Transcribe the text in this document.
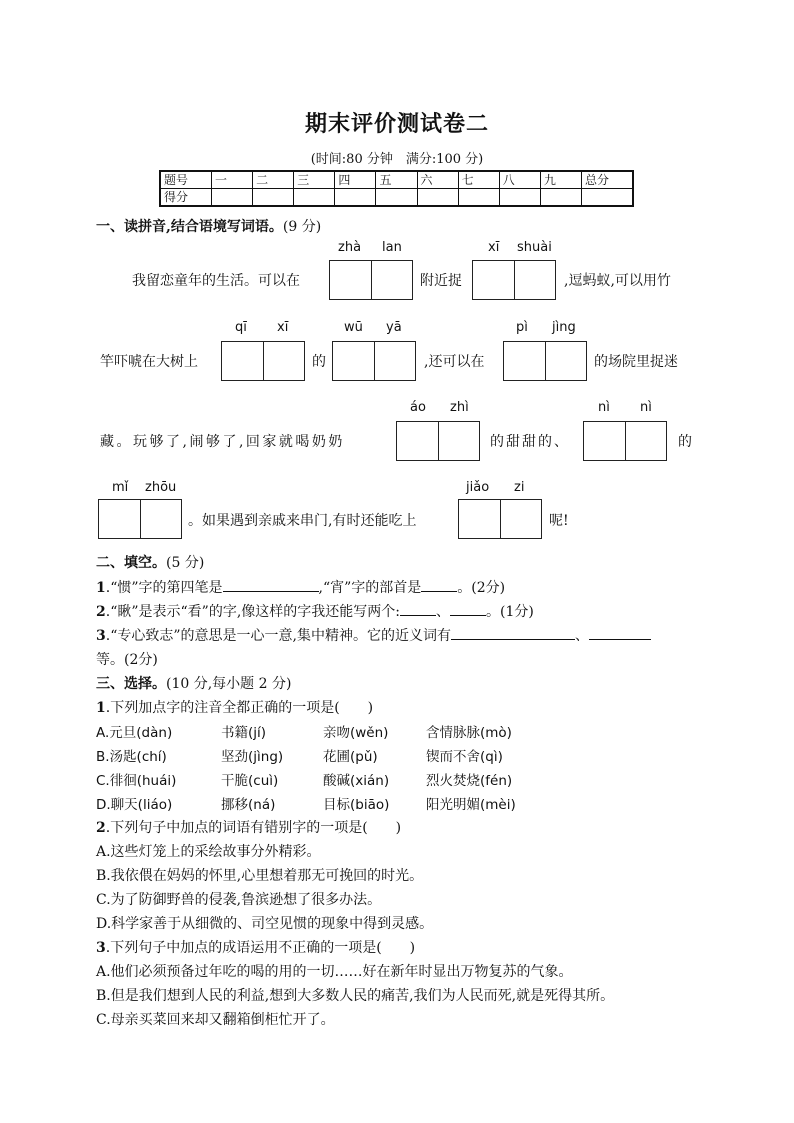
期末评价测试卷二
(时间:80 分钟　满分:100 分)
题号	一	二	三	四	五	六	七	八	九	总分
得分										
一、读拼音,结合语境写词语。(9 分)
zhà lan	xī shuài
我留恋童年的生活。可以在	附近捉	,逗蚂蚁,可以用竹
qī xī	wū yā	pì jìng
竿吓唬在大树上	的	,还可以在	的场院里捉迷
áo zhì	nì nì
藏。玩够了,闹够了,回家就喝奶奶	的甜甜的、	的
mǐ zhōu	jiǎo zi
。如果遇到亲戚来串门,有时还能吃上	呢!
二、填空。(5 分)
1.“惯”字的第四笔是	,“宵”字的部首是	。(2分)
2.“瞅”是表示“看”的字,像这样的字我还能写两个:	、	。(1分)
3.“专心致志”的意思是一心一意,集中精神。它的近义词有	、
等。(2分)
三、选择。(10 分,每小题 2 分)
1.下列加点字的注音全都正确的一项是(　　)
A.元旦(dàn)	书籍(jí)	亲吻(wěn)	含情脉脉(mò)
B.汤匙(chí)	坚劲(jìng)	花圃(pǔ)	锲而不舍(qì)
C.徘徊(huái)	干脆(cuì)	酸碱(xián)	烈火焚烧(fén)
D.聊天(liáo)	挪移(ná)	目标(biāo)	阳光明媚(mèi)
2.下列句子中加点的词语有错别字的一项是(　　)
A.这些灯笼上的采绘故事分外精彩。
B.我依偎在妈妈的怀里,心里想着那无可挽回的时光。
C.为了防御野兽的侵袭,鲁滨逊想了很多办法。
D.科学家善于从细微的、司空见惯的现象中得到灵感。
3.下列句子中加点的成语运用不正确的一项是(　　)
A.他们必须预备过年吃的喝的用的一切……好在新年时显出万物复苏的气象。
B.但是我们想到人民的利益,想到大多数人民的痛苦,我们为人民而死,就是死得其所。
C.母亲买菜回来却又翻箱倒柜忙开了。
